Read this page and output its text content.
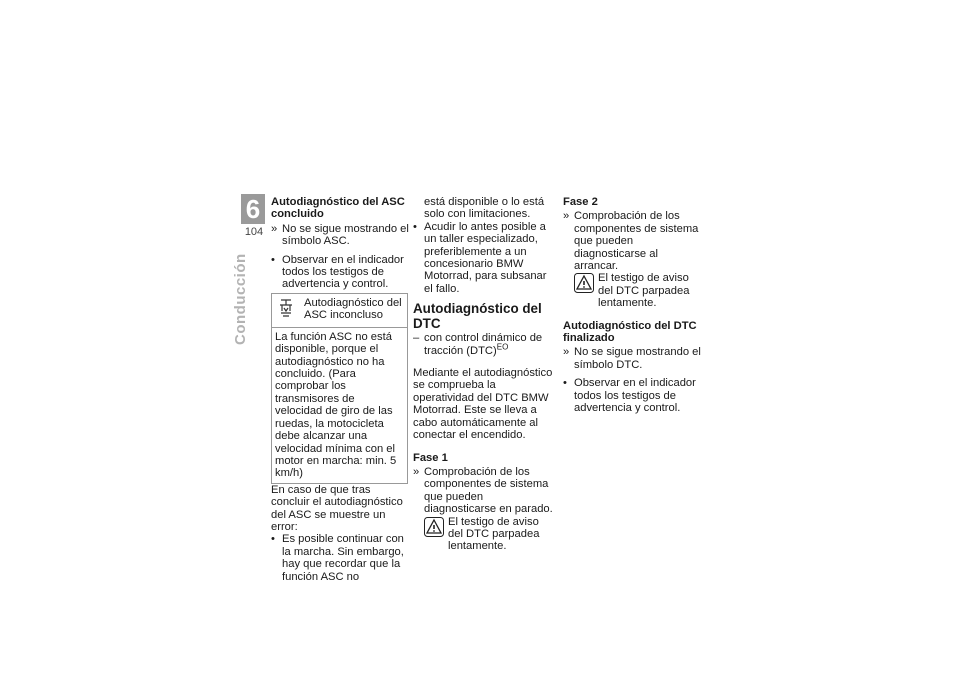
6
104
Conducción

Autodiagnóstico del ASC concluido

» No se sigue mostrando el símbolo ASC.

• Observar en el indicador todos los testigos de advertencia y control.

Autodiagnóstico del ASC inconcluso
La función ASC no está disponible, porque el autodiagnóstico no ha concluido. (Para comprobar los transmisores de velocidad de giro de las ruedas, la motocicleta debe alcanzar una velocidad mínima con el motor en marcha: min. 5 km/h)

En caso de que tras concluir el autodiagnóstico del ASC se muestre un error:

• Es posible continuar con la marcha. Sin embargo, hay que recordar que la función ASC no

está disponible o lo está solo con limitaciones.

• Acudir lo antes posible a un taller especializado, preferiblemente a un concesionario BMW Motorrad, para subsanar el fallo.

Autodiagnóstico del DTC

– con control dinámico de tracción (DTC)$^{EO}$

Mediante el autodiagnóstico se comprueba la operatividad del DTC BMW Motorrad. Este se lleva a cabo automáticamente al conectar el encendido.

Fase 1

» Comprobación de los componentes de sistema que pueden diagnosticarse en parado.

El testigo de aviso del DTC parpadea lentamente.

Fase 2

» Comprobación de los componentes de sistema que pueden diagnosticarse al arrancar.

El testigo de aviso del DTC parpadea lentamente.

Autodiagnóstico del DTC finalizado

» No se sigue mostrando el símbolo DTC.

• Observar en el indicador todos los testigos de advertencia y control.
